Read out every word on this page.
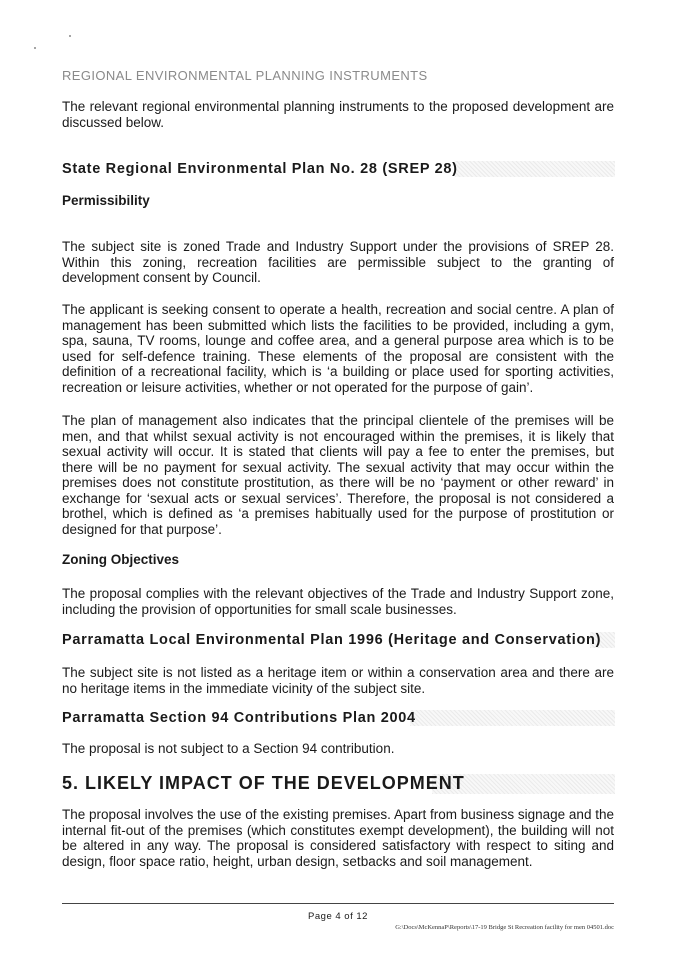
REGIONAL ENVIRONMENTAL PLANNING INSTRUMENTS

The relevant regional environmental planning instruments to the proposed development are discussed below.

State Regional Environmental Plan No. 28 (SREP 28)
Permissibility

The subject site is zoned Trade and Industry Support under the provisions of SREP 28. Within this zoning, recreation facilities are permissible subject to the granting of development consent by Council.

The applicant is seeking consent to operate a health, recreation and social centre. A plan of management has been submitted which lists the facilities to be provided, including a gym, spa, sauna, TV rooms, lounge and coffee area, and a general purpose area which is to be used for self-defence training. These elements of the proposal are consistent with the definition of a recreational facility, which is ‘a building or place used for sporting activities, recreation or leisure activities, whether or not operated for the purpose of gain’.

The plan of management also indicates that the principal clientele of the premises will be men, and that whilst sexual activity is not encouraged within the premises, it is likely that sexual activity will occur. It is stated that clients will pay a fee to enter the premises, but there will be no payment for sexual activity. The sexual activity that may occur within the premises does not constitute prostitution, as there will be no ‘payment or other reward’ in exchange for ‘sexual acts or sexual services’. Therefore, the proposal is not considered a brothel, which is defined as ‘a premises habitually used for the purpose of prostitution or designed for that purpose’.

Zoning Objectives

The proposal complies with the relevant objectives of the Trade and Industry Support zone, including the provision of opportunities for small scale businesses.

Parramatta Local Environmental Plan 1996 (Heritage and Conservation)

The subject site is not listed as a heritage item or within a conservation area and there are no heritage items in the immediate vicinity of the subject site.

Parramatta Section 94 Contributions Plan 2004

The proposal is not subject to a Section 94 contribution.

5. LIKELY IMPACT OF THE DEVELOPMENT

The proposal involves the use of the existing premises. Apart from business signage and the internal fit-out of the premises (which constitutes exempt development), the building will not be altered in any way. The proposal is considered satisfactory with respect to siting and design, floor space ratio, height, urban design, setbacks and soil management.

Page 4 of 12
G:\Docs\McKennaP\Reports\17-19 Bridge St Recreation facility for men 04501.doc
